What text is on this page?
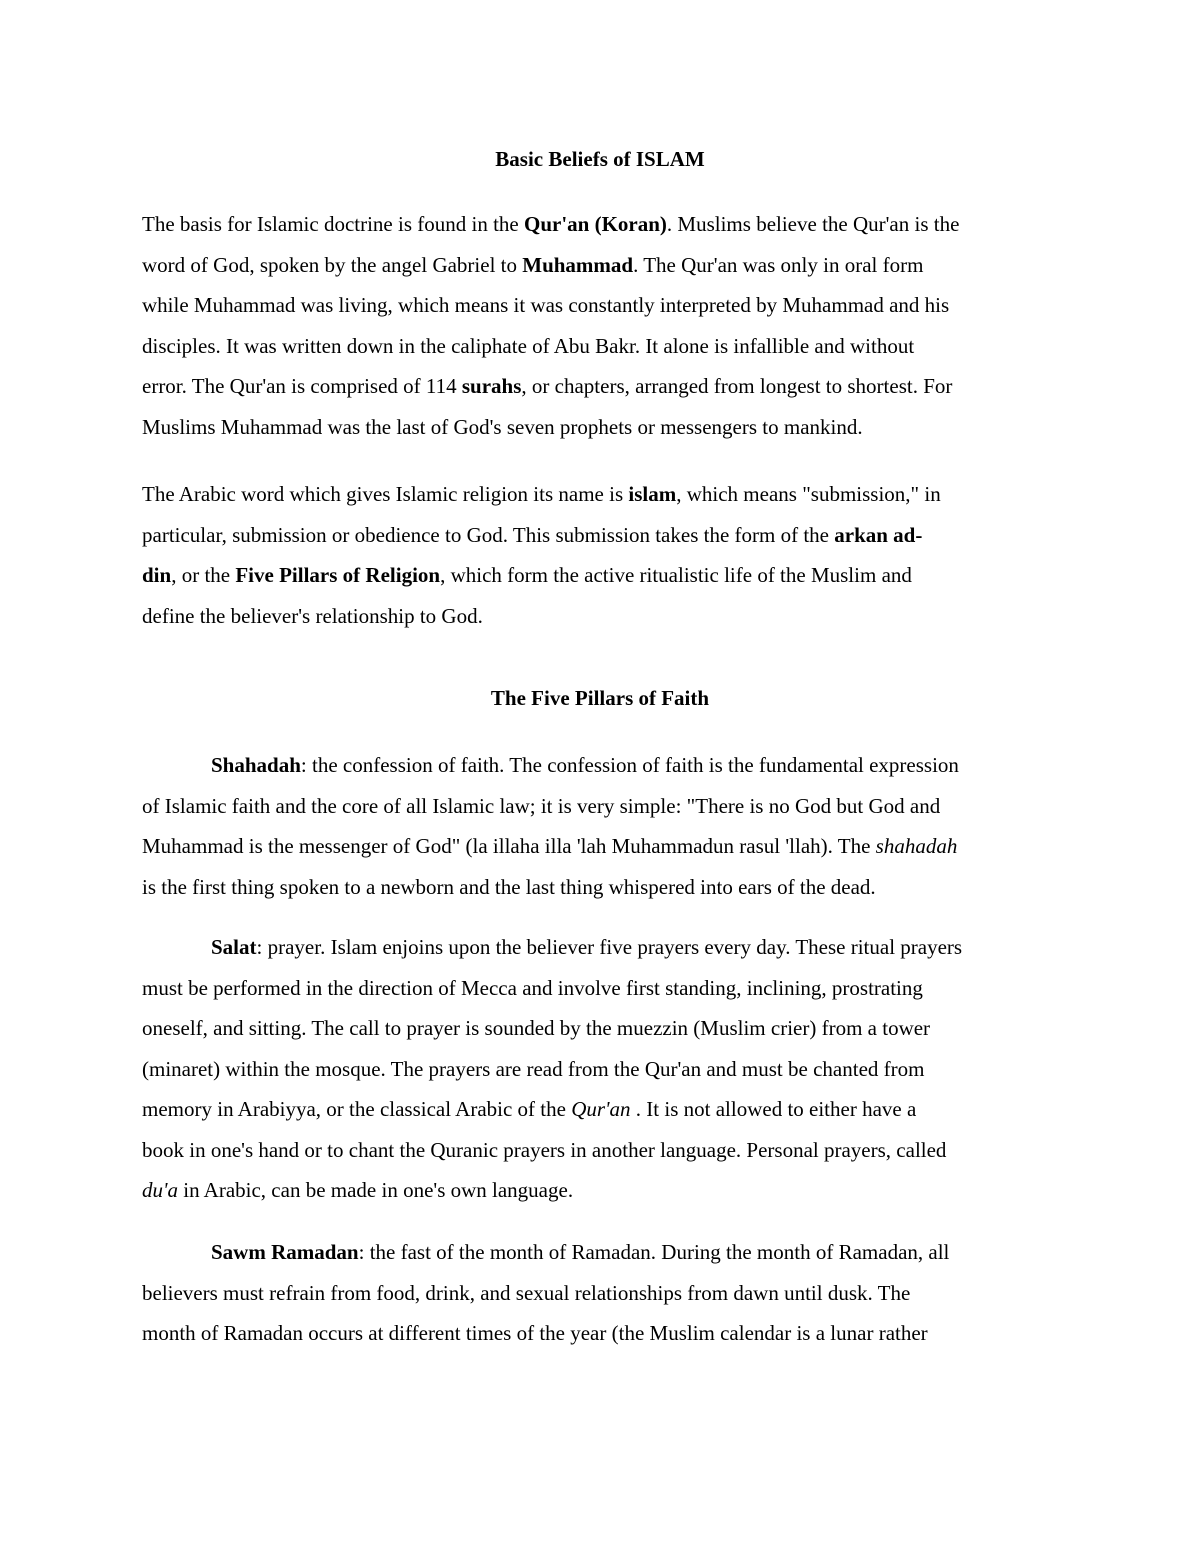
Basic Beliefs of ISLAM
The basis for Islamic doctrine is found in the Qur'an (Koran). Muslims believe the Qur'an is the
word of God, spoken by the angel Gabriel to Muhammad. The Qur'an was only in oral form
while Muhammad was living, which means it was constantly interpreted by Muhammad and his
disciples. It was written down in the caliphate of Abu Bakr. It alone is infallible and without
error. The Qur'an is comprised of 114 surahs, or chapters, arranged from longest to shortest. For
Muslims Muhammad was the last of God's seven prophets or messengers to mankind.
The Arabic word which gives Islamic religion its name is islam, which means "submission," in
particular, submission or obedience to God. This submission takes the form of the arkan ad-
din, or the Five Pillars of Religion, which form the active ritualistic life of the Muslim and
define the believer's relationship to God.
The Five Pillars of Faith
Shahadah: the confession of faith. The confession of faith is the fundamental expression
of Islamic faith and the core of all Islamic law; it is very simple: "There is no God but God and
Muhammad is the messenger of God" (la illaha illa 'lah Muhammadun rasul 'llah). The shahadah
is the first thing spoken to a newborn and the last thing whispered into ears of the dead.
Salat: prayer. Islam enjoins upon the believer five prayers every day. These ritual prayers
must be performed in the direction of Mecca and involve first standing, inclining, prostrating
oneself, and sitting. The call to prayer is sounded by the muezzin (Muslim crier) from a tower
(minaret) within the mosque. The prayers are read from the Qur'an and must be chanted from
memory in Arabiyya, or the classical Arabic of the Qur'an . It is not allowed to either have a
book in one's hand or to chant the Quranic prayers in another language. Personal prayers, called
du'a in Arabic, can be made in one's own language.
Sawm Ramadan: the fast of the month of Ramadan. During the month of Ramadan, all
believers must refrain from food, drink, and sexual relationships from dawn until dusk. The
month of Ramadan occurs at different times of the year (the Muslim calendar is a lunar rather
